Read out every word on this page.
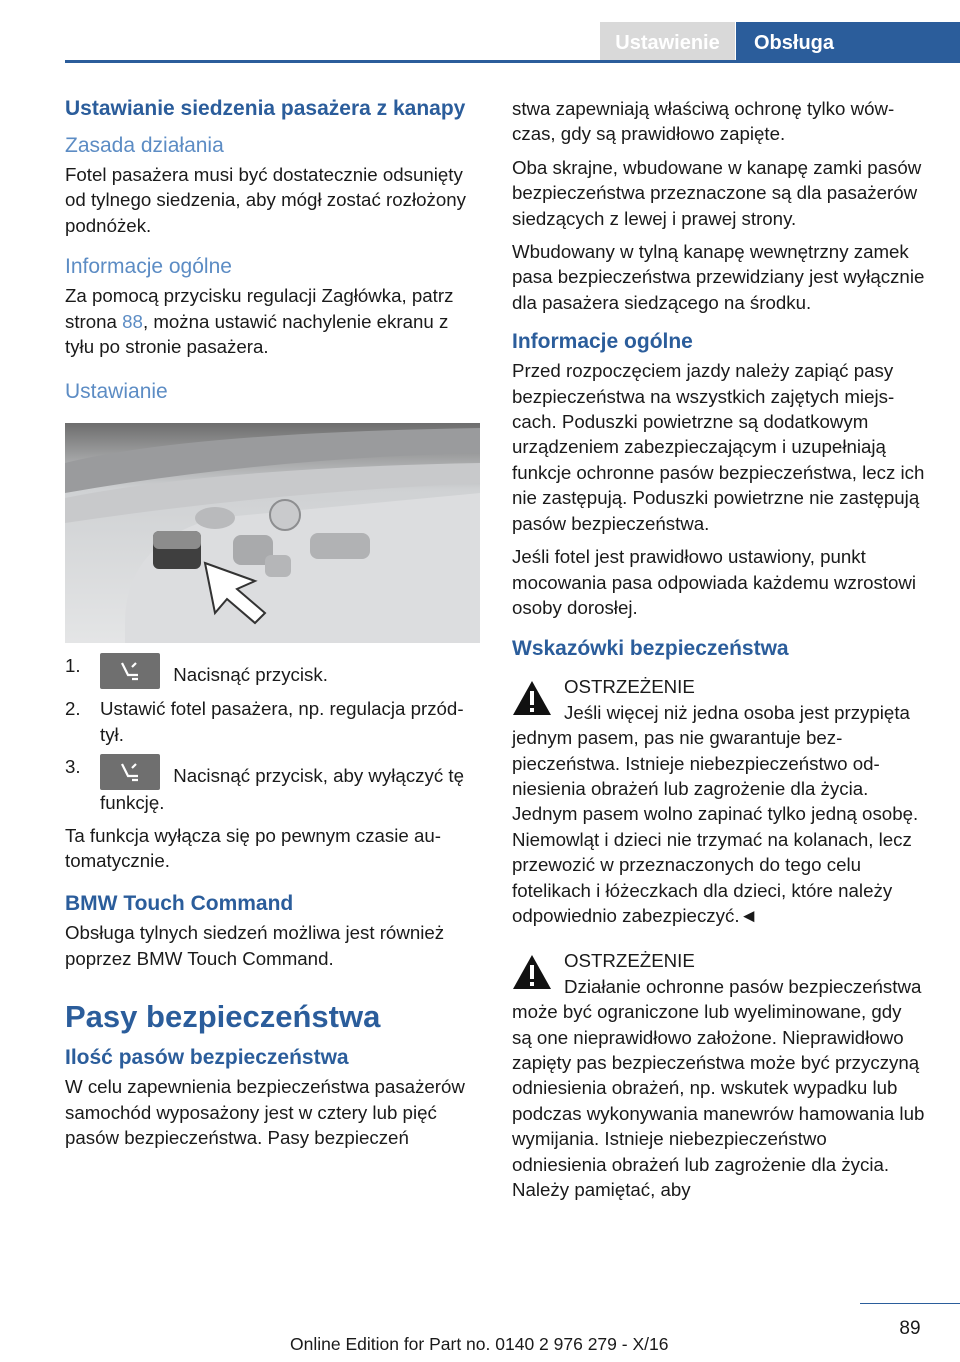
Ustawienie	Obsługa
Ustawianie siedzenia pasażera z kanapy
Zasada działania

Fotel pasażera musi być dostatecznie odsunięty od tylnego siedzenia, aby mógł zostać rozłożony podnóżek.

Informacje ogólne

Za pomocą przycisku regulacji Zagłówka, patrz strona 88, można ustawić nachylenie ekranu z tyłu po stronie pasażera.

Ustawianie
1.	Nacisnąć przycisk.
2. Ustawić fotel pasażera, np. regulacja przód-tył.
3.	Nacisnąć przycisk, aby wyłączyć tę funkcję.

Ta funkcja wyłącza się po pewnym czasie automatycznie.

BMW Touch Command

Obsługa tylnych siedzeń możliwa jest również poprzez BMW Touch Command.

Pasy bezpieczeństwa
Ilość pasów bezpieczeństwa

W celu zapewnienia bezpieczeństwa pasażerów samochód wyposażony jest w cztery lub pięć pasów bezpieczeństwa. Pasy bezpieczeń

stwa zapewniają właściwą ochronę tylko wówczas, gdy są prawidłowo zapięte.

Oba skrajne, wbudowane w kanapę zamki pasów bezpieczeństwa przeznaczone są dla pasażerów siedzących z lewej i prawej strony.

Wbudowany w tylną kanapę wewnętrzny zamek pasa bezpieczeństwa przewidziany jest wyłącznie dla pasażera siedzącego na środku.

Informacje ogólne

Przed rozpoczęciem jazdy należy zapiąć pasy bezpieczeństwa na wszystkich zajętych miejscach. Poduszki powietrzne są dodatkowym urządzeniem zabezpieczającym i uzupełniają funkcje ochronne pasów bezpieczeństwa, lecz ich nie zastępują. Poduszki powietrzne nie zastępują pasów bezpieczeństwa.

Jeśli fotel jest prawidłowo ustawiony, punkt mocowania pasa odpowiada każdemu wzrostowi osoby dorosłej.

Wskazówki bezpieczeństwa
OSTRZEŻENIE

Jeśli więcej niż jedna osoba jest przypięta jednym pasem, pas nie gwarantuje bezpieczeństwa. Istnieje niebezpieczeństwo odniesienia obrażeń lub zagrożenie dla życia. Jednym pasem wolno zapinać tylko jedną osobę. Niemowląt i dzieci nie trzymać na kolanach, lecz przewozić w przeznaczonych do tego celu fotelikach i łóżeczkach dla dzieci, które należy odpowiednio zabezpieczyć.◄

OSTRZEŻENIE

Działanie ochronne pasów bezpieczeństwa może być ograniczone lub wyeliminowane, gdy są one nieprawidłowo założone. Nieprawidłowo zapięty pas bezpieczeństwa może być przyczyną odniesienia obrażeń, np. wskutek wypadku lub podczas wykonywania manewrów hamowania lub wymijania. Istnieje niebezpieczeństwo odniesienia obrażeń lub zagrożenie dla życia. Należy pamiętać, aby

89
Online Edition for Part no. 0140 2 976 279 - X/16
